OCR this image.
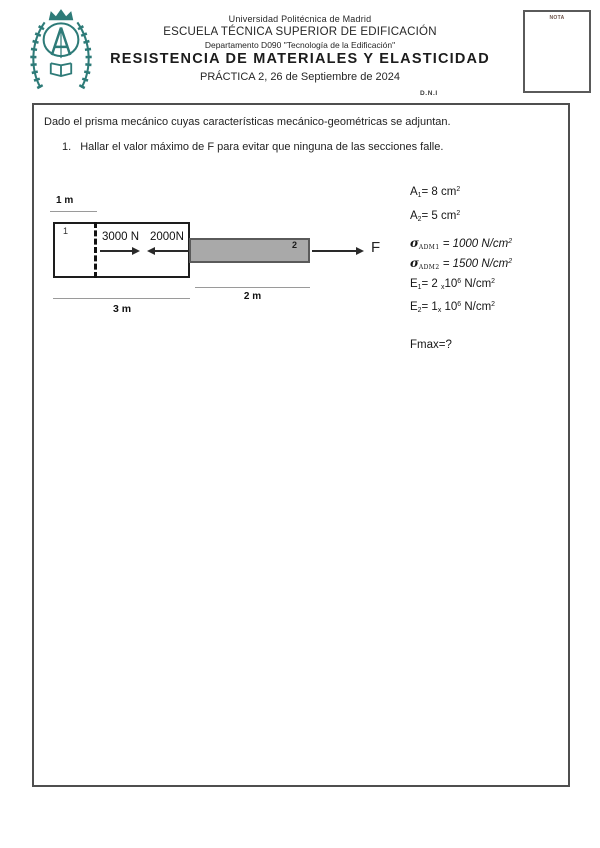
Universidad Politécnica de Madrid
ESCUELA TÉCNICA SUPERIOR DE EDIFICACIÓN
Departamento D090 "Tecnología de la Edificación"
RESISTENCIA DE MATERIALES Y ELASTICIDAD
PRÁCTICA 2, 26 de Septiembre de 2024
NOTA
D.N.I
Dado el prisma mecánico cuyas características mecánico-geométricas se adjuntan.
1. Hallar el valor máximo de F para evitar que ninguna de las secciones falle.
1 m
1	3000 N 2000N
2	F
2 m
3 m
A1= 8 $cm^2$
A2= 5 $cm^2$
σADM1 = 1000 $N/cm^2$
σADM2 = 1500 $N/cm^2$
E1= 2 $x10^6$ $N/cm^2$
E2= 1x $10^6$ $N/cm^2$
Fmax=?
